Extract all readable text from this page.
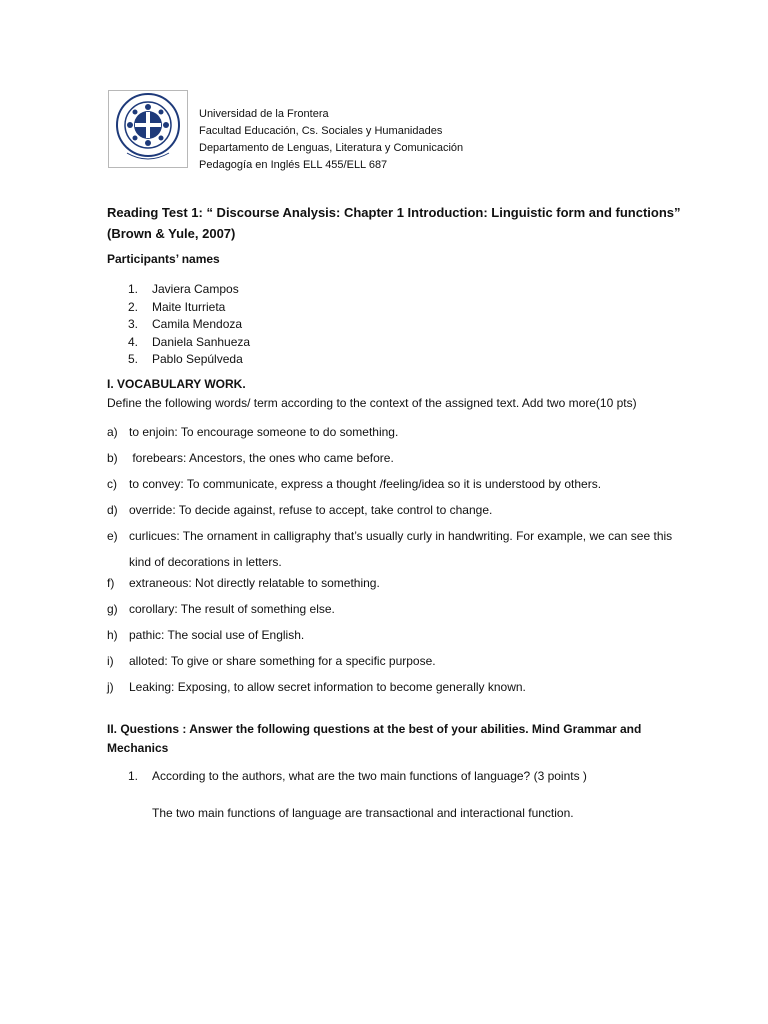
Universidad de la Frontera
Facultad Educación, Cs. Sociales y Humanidades
Departamento de Lenguas, Literatura y Comunicación
Pedagogía en Inglés ELL 455/ELL 687
Reading Test 1: “ Discourse Analysis: Chapter 1 Introduction: Linguistic form and functions” (Brown & Yule, 2007)
Participants’ names
1.	Javiera Campos
2.	Maite Iturrieta
3.	Camila Mendoza
4.	Daniela Sanhueza
5.	Pablo Sepúlveda
I. VOCABULARY WORK.
Define the following words/ term according to the context of the assigned text. Add two more(10 pts)
a) to enjoin: To encourage someone to do something.
b) forebears: Ancestors, the ones who came before.
c)	to convey: To communicate, express a thought /feeling/idea so it is understood by others.
d) override: To decide against, refuse to accept, take control to change.
e) curlicues: The ornament in calligraphy that’s usually curly in handwriting. For example, we can see this kind of decorations in letters.
f)	extraneous: Not directly relatable to something.
g) corollary: The result of something else.
h) pathic: The social use of English.
i)	alloted: To give or share something for a specific purpose.
j)	Leaking: Exposing, to allow secret information to become generally known.
II. Questions : Answer the following questions at the best of your abilities. Mind Grammar and Mechanics
1.	According to the authors, what are the two main functions of language? (3 points )
The two main functions of language are transactional and interactional function.
